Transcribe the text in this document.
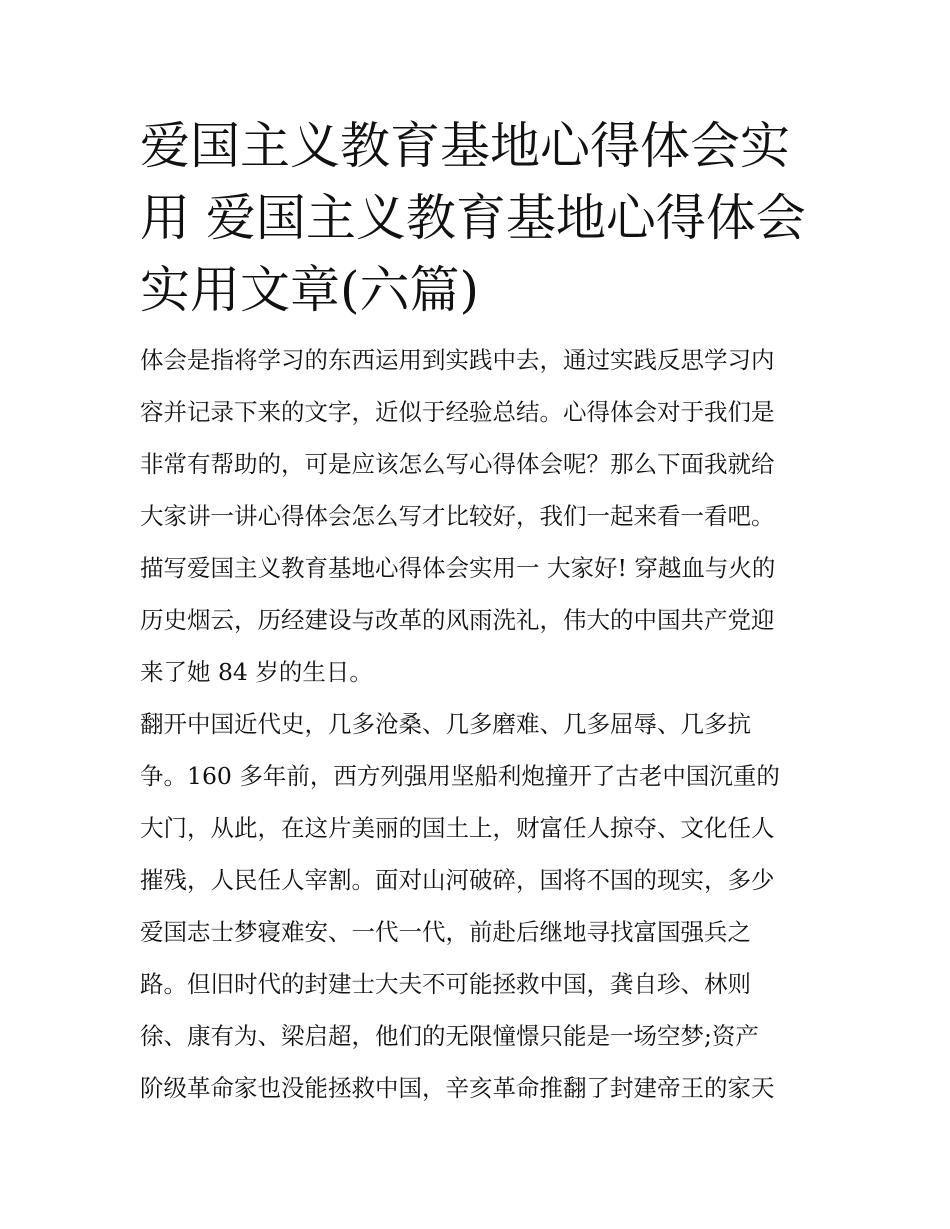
爱国主义教育基地心得体会实
用 爱国主义教育基地心得体会
实用文章(六篇)
体会是指将学习的东西运用到实践中去，通过实践反思学习内
容并记录下来的文字，近似于经验总结。心得体会对于我们是
非常有帮助的，可是应该怎么写心得体会呢？那么下面我就给
大家讲一讲心得体会怎么写才比较好，我们一起来看一看吧。
描写爱国主义教育基地心得体会实用一 大家好! 穿越血与火的
历史烟云，历经建设与改革的风雨洗礼，伟大的中国共产党迎
来了她 84 岁的生日。
翻开中国近代史，几多沧桑、几多磨难、几多屈辱、几多抗
争。160 多年前，西方列强用坚船利炮撞开了古老中国沉重的
大门，从此，在这片美丽的国土上，财富任人掠夺、文化任人
摧残，人民任人宰割。面对山河破碎，国将不国的现实，多少
爱国志士梦寝难安、一代一代，前赴后继地寻找富国强兵之
路。但旧时代的封建士大夫不可能拯救中国，龚自珍、林则
徐、康有为、梁启超，他们的无限憧憬只能是一场空梦;资产
阶级革命家也没能拯救中国，辛亥革命推翻了封建帝王的家天
